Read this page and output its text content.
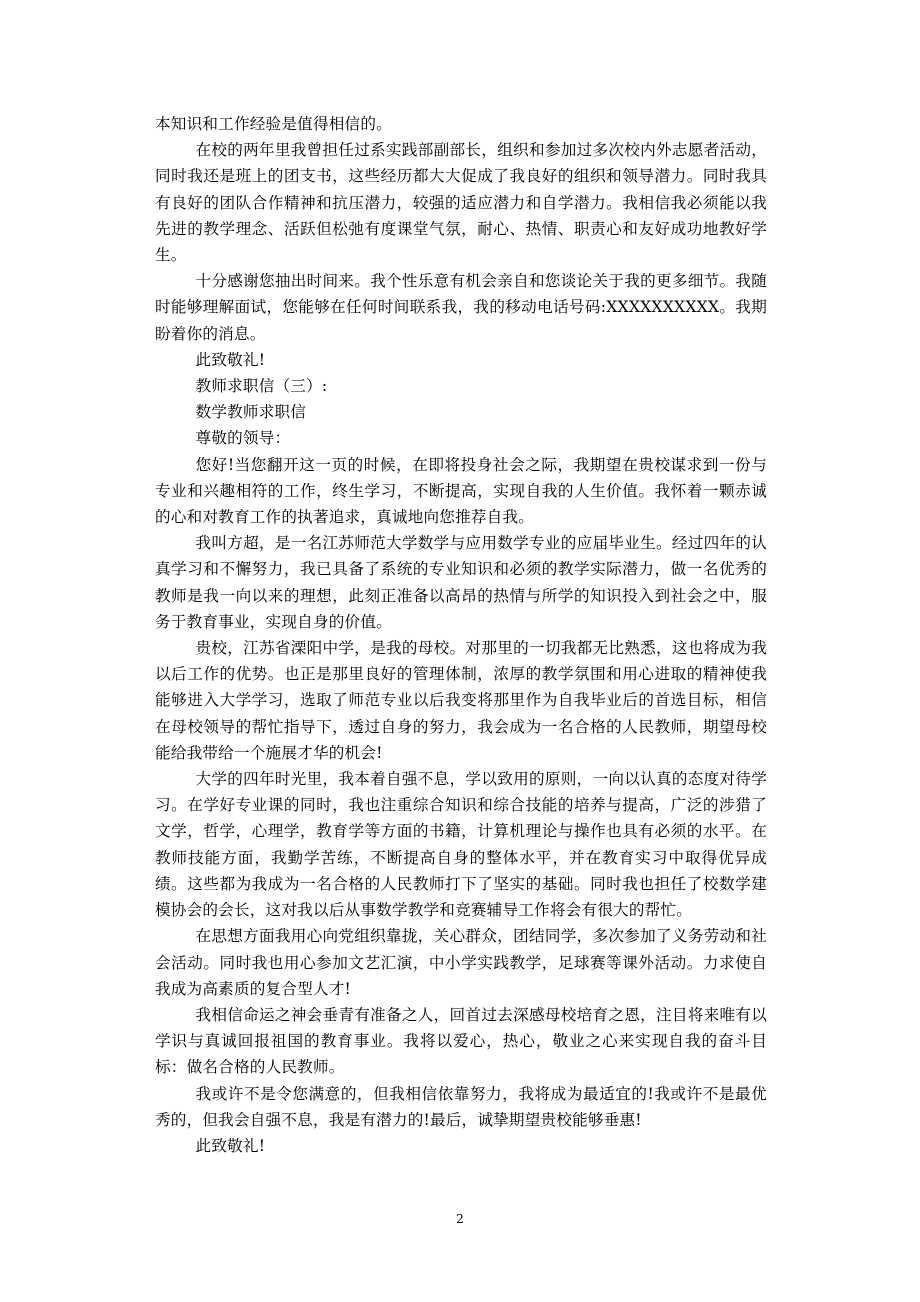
本知识和工作经验是值得相信的。

在校的两年里我曾担任过系实践部副部长，组织和参加过多次校内外志愿者活动，同时我还是班上的团支书，这些经历都大大促成了我良好的组织和领导潜力。同时我具有良好的团队合作精神和抗压潜力，较强的适应潜力和自学潜力。我相信我必须能以我先进的教学理念、活跃但松弛有度课堂气氛，耐心、热情、职责心和友好成功地教好学生。

十分感谢您抽出时间来。我个性乐意有机会亲自和您谈论关于我的更多细节。我随时能够理解面试，您能够在任何时间联系我，我的移动电话号码:XXXXXXXXXX。我期盼着你的消息。

此致敬礼!

教师求职信（三）:

数学教师求职信

尊敬的领导：

您好!当您翻开这一页的时候，在即将投身社会之际，我期望在贵校谋求到一份与专业和兴趣相符的工作，终生学习，不断提高，实现自我的人生价值。我怀着一颗赤诚的心和对教育工作的执著追求，真诚地向您推荐自我。

我叫方超，是一名江苏师范大学数学与应用数学专业的应届毕业生。经过四年的认真学习和不懈努力，我已具备了系统的专业知识和必须的教学实际潜力，做一名优秀的教师是我一向以来的理想，此刻正准备以高昂的热情与所学的知识投入到社会之中，服务于教育事业，实现自身的价值。

贵校，江苏省溧阳中学，是我的母校。对那里的一切我都无比熟悉，这也将成为我以后工作的优势。也正是那里良好的管理体制，浓厚的教学氛围和用心进取的精神使我能够进入大学学习，选取了师范专业以后我变将那里作为自我毕业后的首选目标，相信在母校领导的帮忙指导下，透过自身的努力，我会成为一名合格的人民教师，期望母校能给我带给一个施展才华的机会!

大学的四年时光里，我本着自强不息，学以致用的原则，一向以认真的态度对待学习。在学好专业课的同时，我也注重综合知识和综合技能的培养与提高，广泛的涉猎了文学，哲学，心理学，教育学等方面的书籍，计算机理论与操作也具有必须的水平。在教师技能方面，我勤学苦练，不断提高自身的整体水平，并在教育实习中取得优异成绩。这些都为我成为一名合格的人民教师打下了坚实的基础。同时我也担任了校数学建模协会的会长，这对我以后从事数学教学和竞赛辅导工作将会有很大的帮忙。

在思想方面我用心向党组织靠拢，关心群众，团结同学，多次参加了义务劳动和社会活动。同时我也用心参加文艺汇演，中小学实践教学，足球赛等课外活动。力求使自我成为高素质的复合型人才!

我相信命运之神会垂青有准备之人，回首过去深感母校培育之恩，注目将来唯有以学识与真诚回报祖国的教育事业。我将以爱心，热心，敬业之心来实现自我的奋斗目标：做名合格的人民教师。

我或许不是令您满意的，但我相信依靠努力，我将成为最适宜的!我或许不是最优秀的，但我会自强不息，我是有潜力的!最后，诚挚期望贵校能够垂惠!

此致敬礼!

2
